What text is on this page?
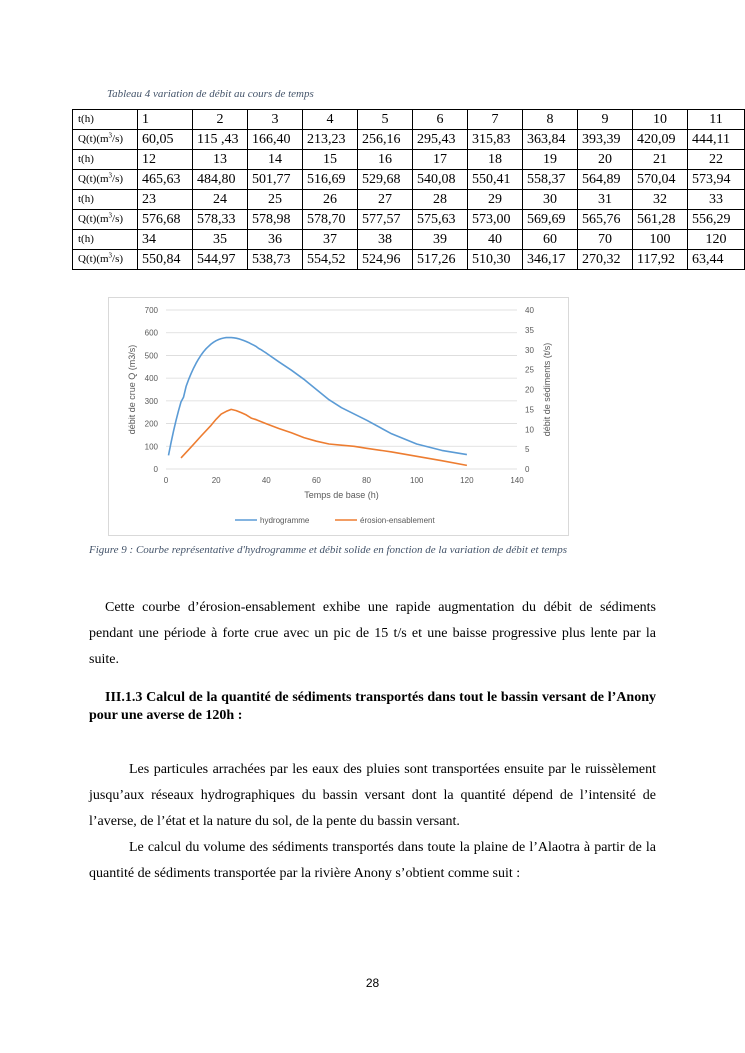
Tableau 4 variation de débit au cours de temps
t(h)	1	2	3	4	5	6	7	8	9	10	11
$Q(t)(m^3/s)$	60,05	115 ,43	166,40	213,23	256,16	295,43	315,83	363,84	393,39	420,09	444,11
t(h)	12	13	14	15	16	17	18	19	20	21	22
$Q(t)(m^3/s)$	465,63	484,80	501,77	516,69	529,68	540,08	550,41	558,37	564,89	570,04	573,94
t(h)	23	24	25	26	27	28	29	30	31	32	33
$Q(t)(m^3/s)$	576,68	578,33	578,98	578,70	577,57	575,63	573,00	569,69	565,76	561,28	556,29
t(h)	34	35	36	37	38	39	40	60	70	100	120
$Q(t)(m^3/s)$	550,84	544,97	538,73	554,52	524,96	517,26	510,30	346,17	270,32	117,92	63,44
0
100
200
300
400
500
600
700
0
5
10
15
20
25
30
35
40
0	20	40	60	80	100	120	140
Temps de base (h)
débit de crue Q (m3/s)	débit de sédiments (t/s)
hydrogramme	érosion-ensablement
Figure 9 : Courbe représentative d'hydrogramme et débit solide en fonction de la variation de débit et temps
Cette courbe d’érosion-ensablement exhibe une rapide augmentation du débit de sédiments pendant une période à forte crue avec un pic de 15 t/s et une baisse progressive plus lente par la suite.
III.1.3 Calcul de la quantité de sédiments transportés dans tout le bassin versant de l’Anony pour une averse de 120h :
Les particules arrachées par les eaux des pluies sont transportées ensuite par le ruissèlement jusqu’aux réseaux hydrographiques du bassin versant dont la quantité dépend de l’intensité de l’averse, de l’état et la nature du sol, de la pente du bassin versant.
Le calcul du volume des sédiments transportés dans toute la plaine de l’Alaotra à partir de la quantité de sédiments transportée par la rivière Anony s’obtient comme suit :
28
